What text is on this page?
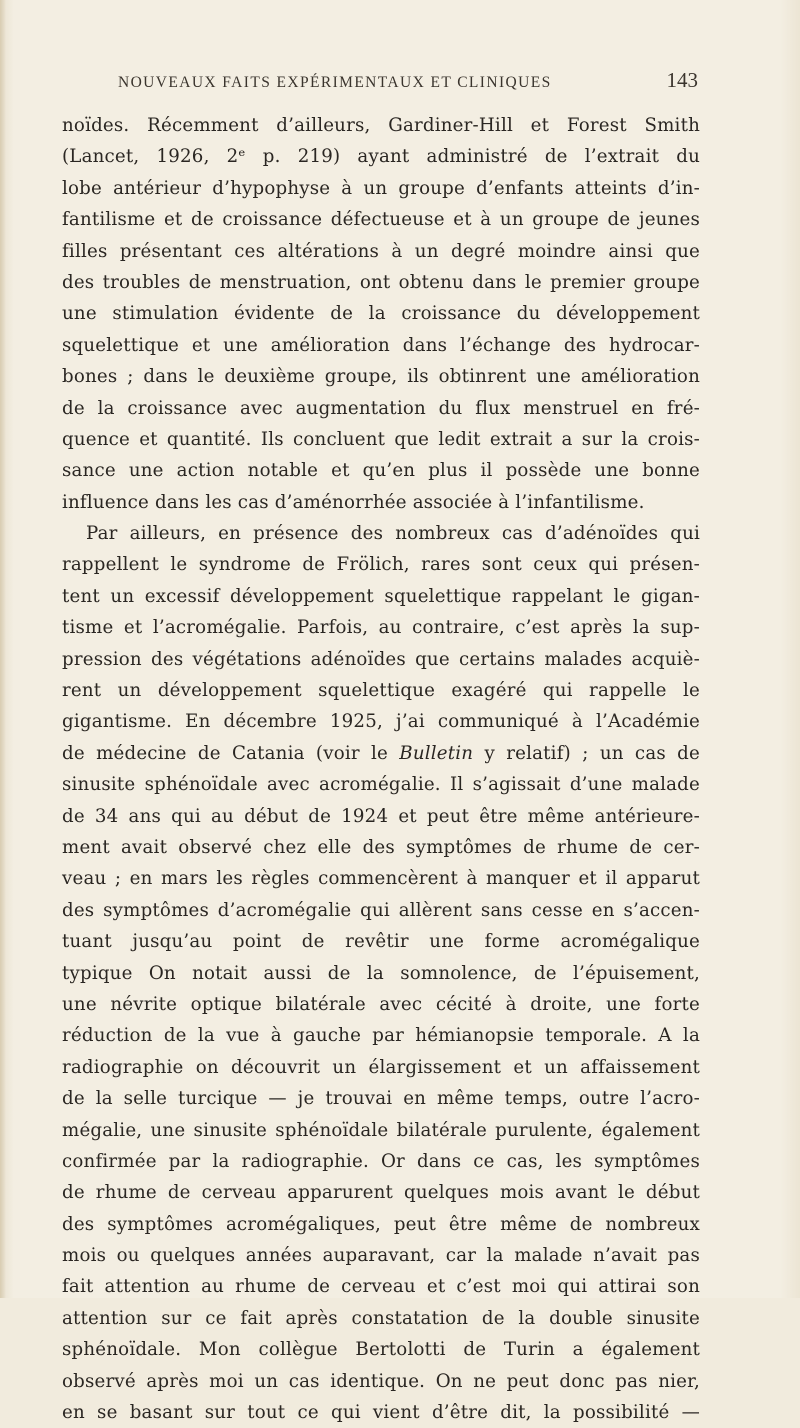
NOUVEAUX FAITS EXPÉRIMENTAUX ET CLINIQUES	143
noïdes. Récemment d’ailleurs, Gardiner-Hill et Forest Smith
(Lancet, 1926, 2ᵉ p. 219) ayant administré de l’extrait du
lobe antérieur d’hypophyse à un groupe d’enfants atteints d’in-
fantilisme et de croissance défectueuse et à un groupe de jeunes
filles présentant ces altérations à un degré moindre ainsi que
des troubles de menstruation, ont obtenu dans le premier groupe
une stimulation évidente de la croissance du développement
squelettique et une amélioration dans l’échange des hydrocar-
bones ; dans le deuxième groupe, ils obtinrent une amélioration
de la croissance avec augmentation du flux menstruel en fré-
quence et quantité. Ils concluent que ledit extrait a sur la crois-
sance une action notable et qu’en plus il possède une bonne
influence dans les cas d’aménorrhée associée à l’infantilisme.
Par ailleurs, en présence des nombreux cas d’adénoïdes qui
rappellent le syndrome de Frölich, rares sont ceux qui présen-
tent un excessif développement squelettique rappelant le gigan-
tisme et l’acromégalie. Parfois, au contraire, c’est après la sup-
pression des végétations adénoïdes que certains malades acquiè-
rent un développement squelettique exagéré qui rappelle le
gigantisme. En décembre 1925, j’ai communiqué à l’Académie
de médecine de Catania (voir le Bulletin y relatif) ; un cas de
sinusite sphénoïdale avec acromégalie. Il s’agissait d’une malade
de 34 ans qui au début de 1924 et peut être même antérieure-
ment avait observé chez elle des symptômes de rhume de cer-
veau ; en mars les règles commencèrent à manquer et il apparut
des symptômes d’acromégalie qui allèrent sans cesse en s’accen-
tuant jusqu’au point de revêtir une forme acromégalique
typique On notait aussi de la somnolence, de l’épuisement,
une névrite optique bilatérale avec cécité à droite, une forte
réduction de la vue à gauche par hémianopsie temporale. A la
radiographie on découvrit un élargissement et un affaissement
de la selle turcique — je trouvai en même temps, outre l’acro-
mégalie, une sinusite sphénoïdale bilatérale purulente, également
confirmée par la radiographie. Or dans ce cas, les symptômes
de rhume de cerveau apparurent quelques mois avant le début
des symptômes acromégaliques, peut être même de nombreux
mois ou quelques années auparavant, car la malade n’avait pas
fait attention au rhume de cerveau et c’est moi qui attirai son
attention sur ce fait après constatation de la double sinusite
sphénoïdale. Mon collègue Bertolotti de Turin a également
observé après moi un cas identique. On ne peut donc pas nier,
en se basant sur tout ce qui vient d’être dit, la possibilité —
